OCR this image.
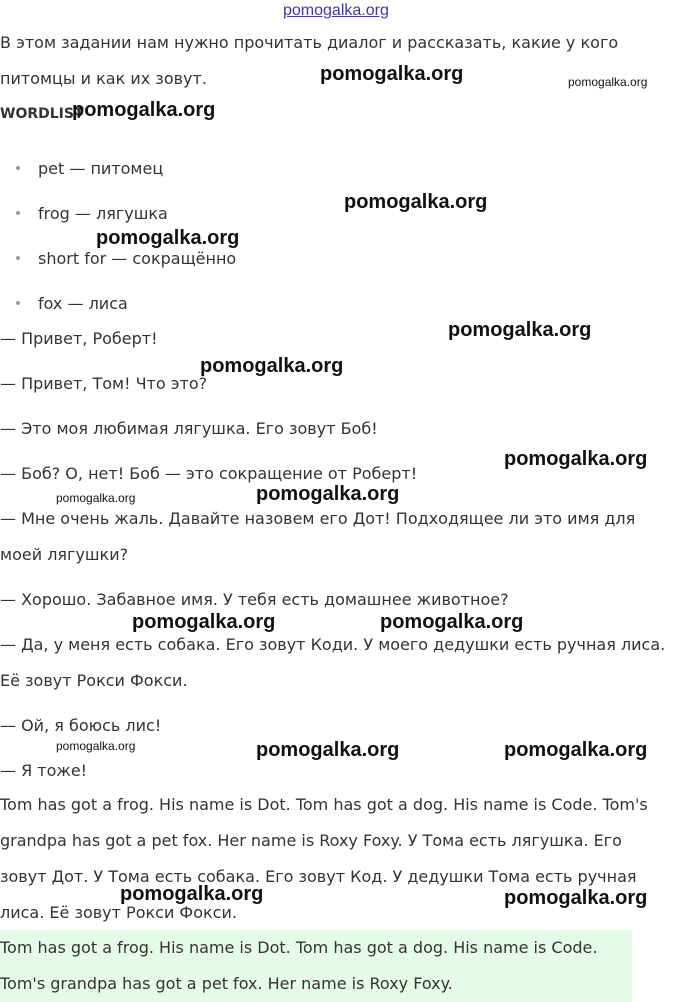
pomogalka.org
В этом задании нам нужно прочитать диалог и рассказать, какие у кого питомцы и как их зовут.
WORDLIST
pet — питомец
frog — лягушка
short for — сокращённо
fox — лиса
— Привет, Роберт!
— Привет, Том! Что это?
— Это моя любимая лягушка. Его зовут Боб!
— Боб? О, нет! Боб — это сокращение от Роберт!
— Мне очень жаль. Давайте назовем его Дот! Подходящее ли это имя для моей лягушки?
— Хорошо. Забавное имя. У тебя есть домашнее животное?
— Да, у меня есть собака. Его зовут Коди. У моего дедушки есть ручная лиса. Её зовут Рокси Фокси.
— Ой, я боюсь лис!
— Я тоже!
Tom has got a frog. His name is Dot. Tom has got a dog. His name is Code. Tom's grandpa has got a pet fox. Her name is Roxy Foxy. У Тома есть лягушка. Его зовут Дот. У Тома есть собака. Его зовут Код. У дедушки Тома есть ручная лиса. Её зовут Рокси Фокси.
Tom has got a frog. His name is Dot. Tom has got a dog. His name is Code. Tom's grandpa has got a pet fox. Her name is Roxy Foxy.
pomogalka.org	pomogalka.org
pomogalka.org
pomogalka.org
pomogalka.org
pomogalka.org
pomogalka.org
pomogalka.org
pomogalka.org	pomogalka.org
pomogalka.org	pomogalka.org
pomogalka.org	pomogalka.org	pomogalka.org
pomogalka.org	pomogalka.org
